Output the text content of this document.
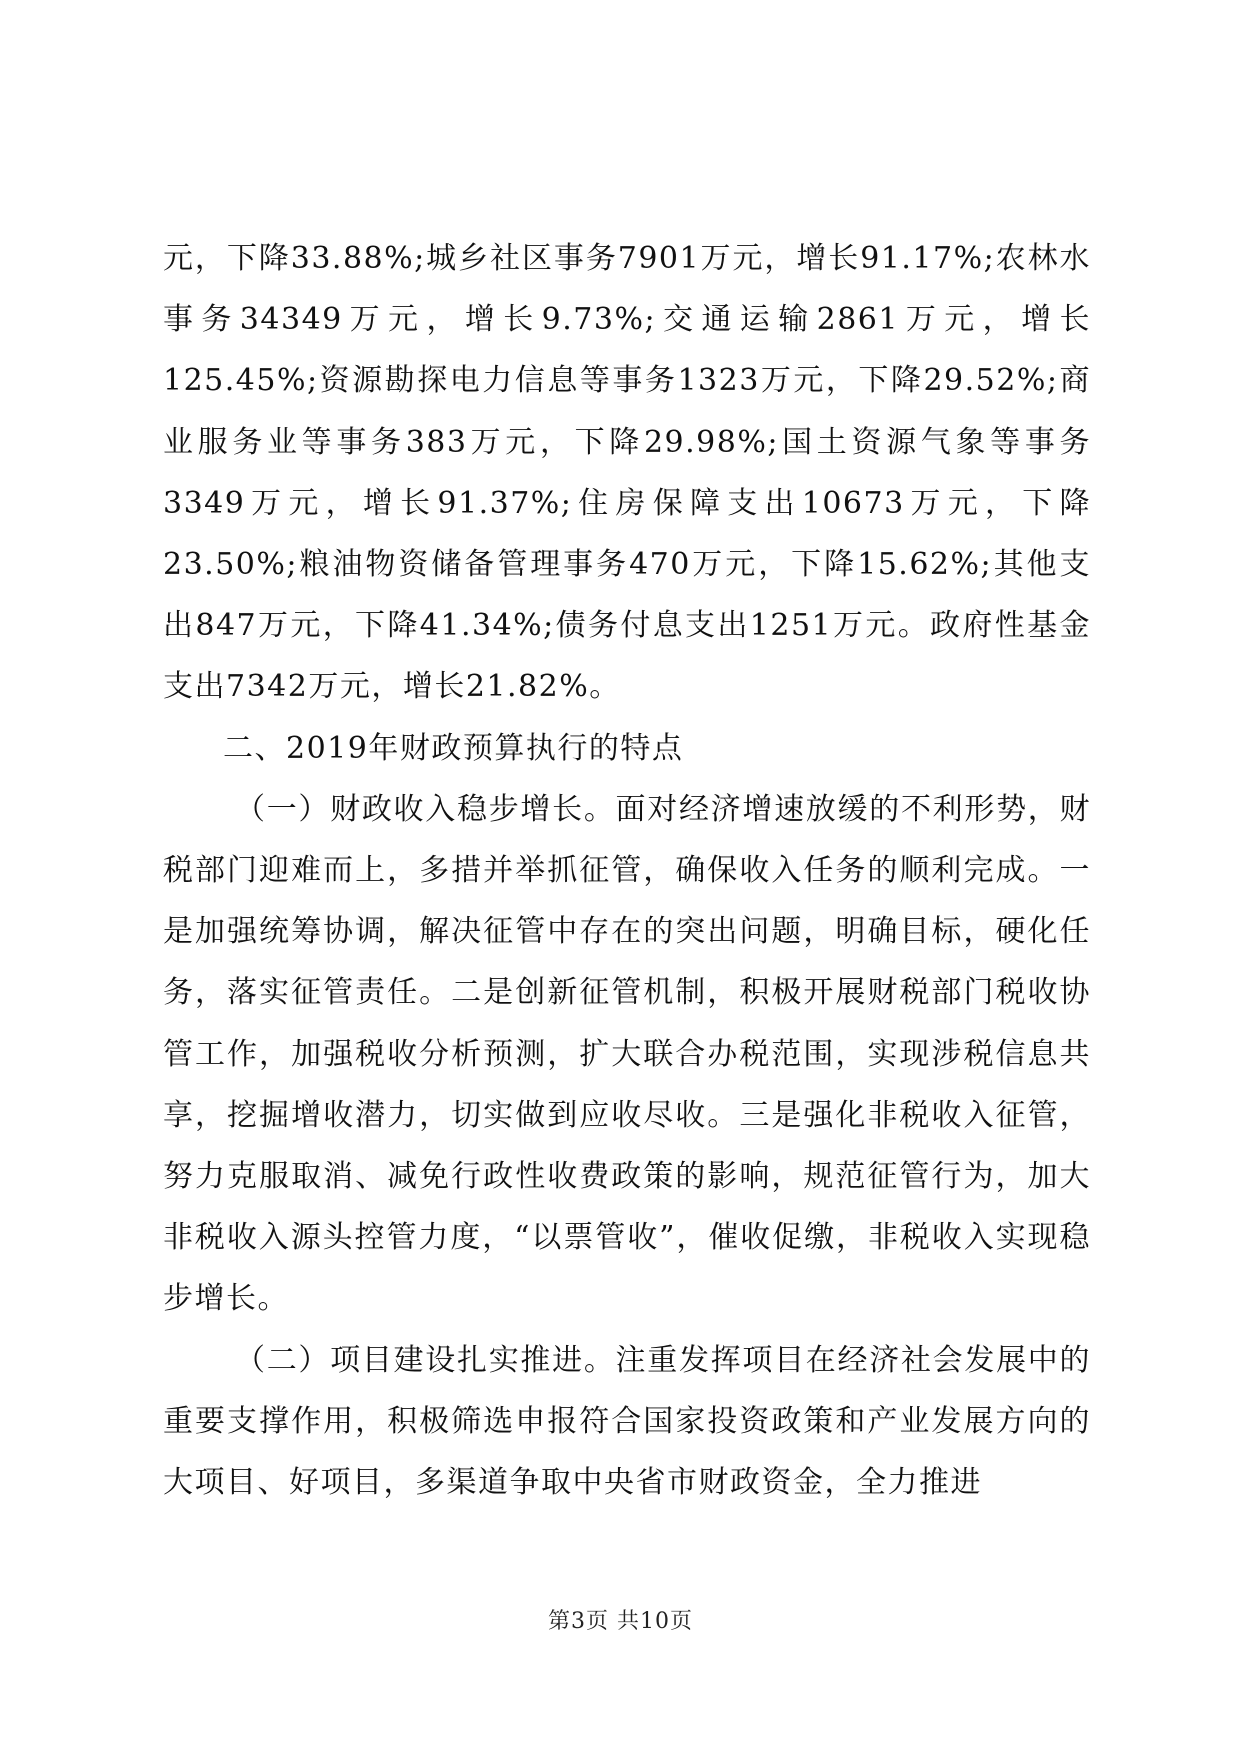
元，下降33.88%;城乡社区事务7901万元，增长91.17%;农林水事务34349万元，增长9.73%;交通运输2861万元，增长125.45%;资源勘探电力信息等事务1323万元，下降29.52%;商业服务业等事务383万元，下降29.98%;国土资源气象等事务3349万元，增长91.37%;住房保障支出10673万元，下降23.50%;粮油物资储备管理事务470万元，下降15.62%;其他支出847万元，下降41.34%;债务付息支出1251万元。政府性基金支出7342万元，增长21.82%。

二、2019年财政预算执行的特点

（一）财政收入稳步增长。面对经济增速放缓的不利形势，财税部门迎难而上，多措并举抓征管，确保收入任务的顺利完成。一是加强统筹协调，解决征管中存在的突出问题，明确目标，硬化任务，落实征管责任。二是创新征管机制，积极开展财税部门税收协管工作，加强税收分析预测，扩大联合办税范围，实现涉税信息共享，挖掘增收潜力，切实做到应收尽收。三是强化非税收入征管，努力克服取消、减免行政性收费政策的影响，规范征管行为，加大非税收入源头控管力度，“以票管收”，催收促缴，非税收入实现稳步增长。

（二）项目建设扎实推进。注重发挥项目在经济社会发展中的重要支撑作用，积极筛选申报符合国家投资政策和产业发展方向的大项目、好项目，多渠道争取中央省市财政资金，全力推进

第3页 共10页
